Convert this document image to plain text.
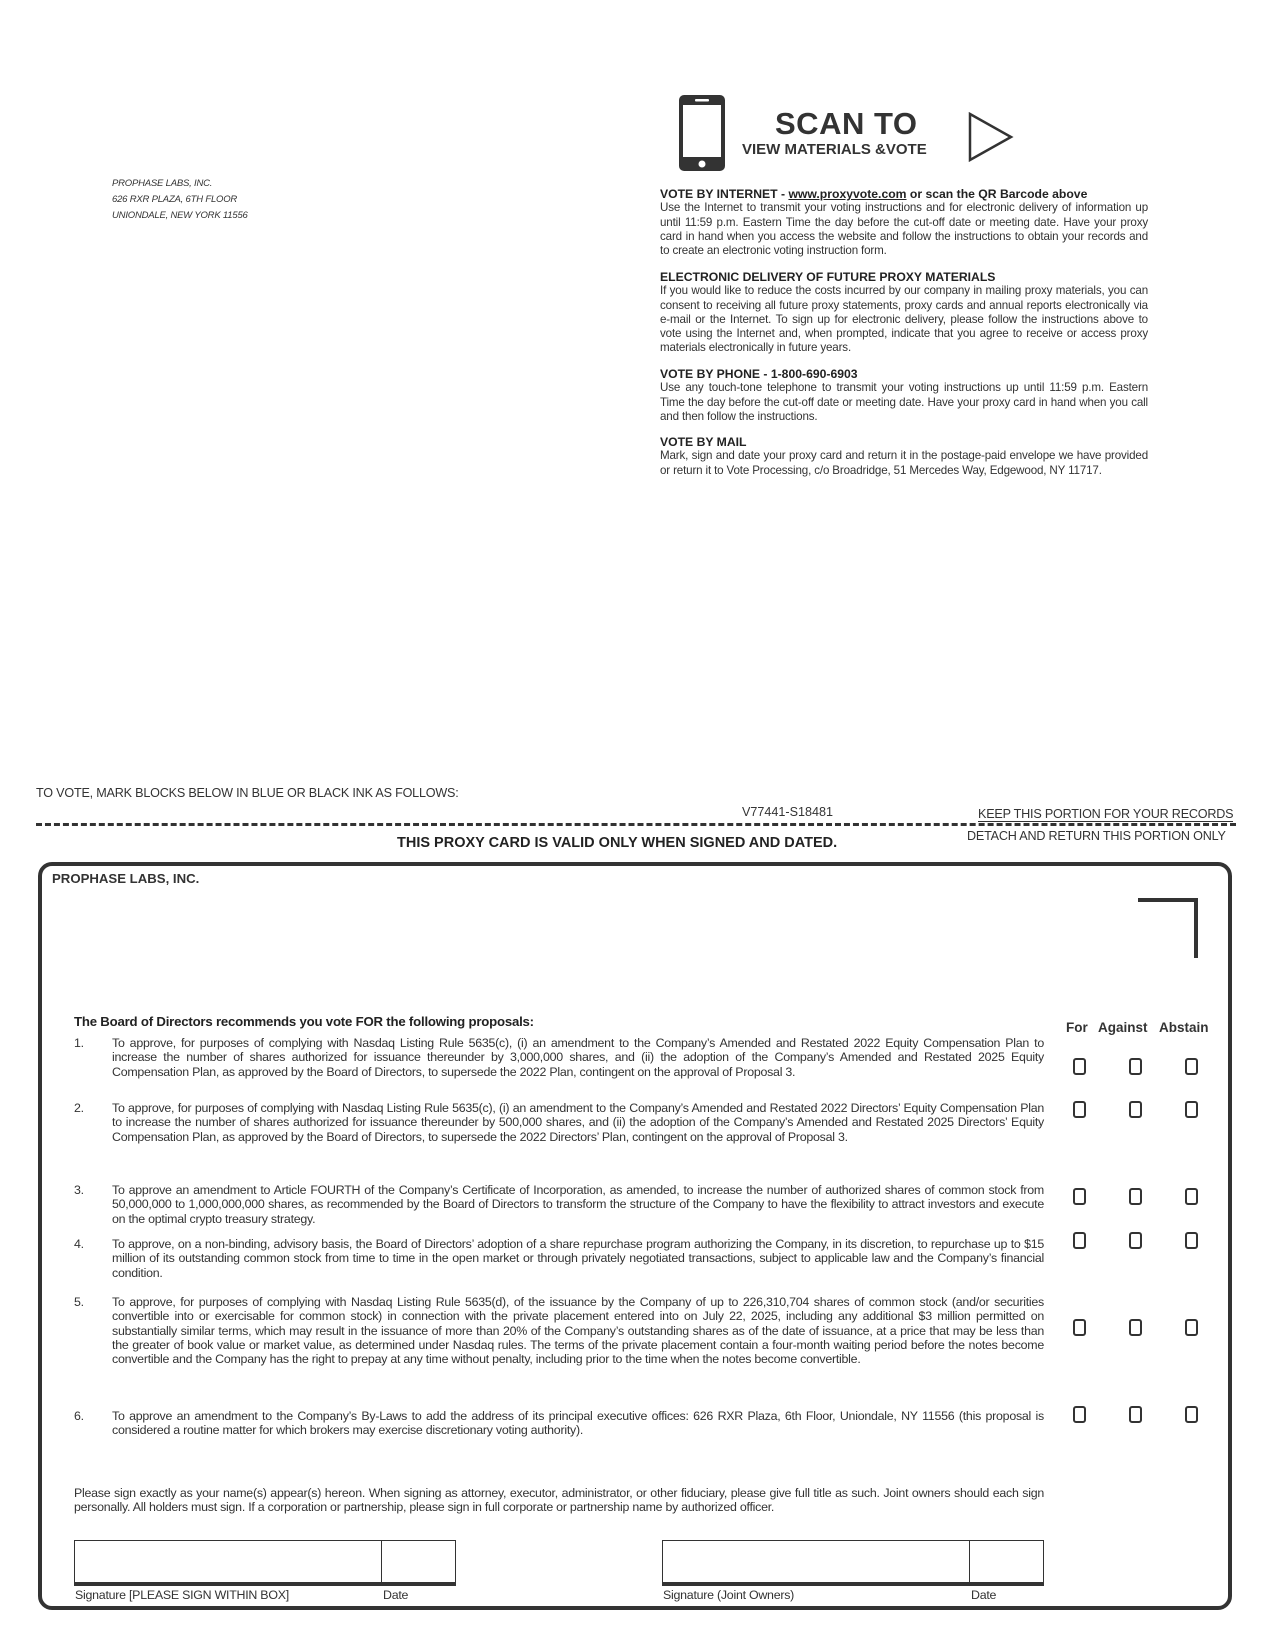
PROPHASE LABS, INC.
626 RXR PLAZA, 6TH FLOOR
UNIONDALE, NEW YORK 11556
SCAN TO
VIEW MATERIALS &VOTE
VOTE BY INTERNET - www.proxyvote.com or scan the QR Barcode above
Use the Internet to transmit your voting instructions and for electronic delivery of information up until 11:59 p.m. Eastern Time the day before the cut-off date or meeting date. Have your proxy card in hand when you access the website and follow the instructions to obtain your records and to create an electronic voting instruction form.
ELECTRONIC DELIVERY OF FUTURE PROXY MATERIALS
If you would like to reduce the costs incurred by our company in mailing proxy materials, you can consent to receiving all future proxy statements, proxy cards and annual reports electronically via e-mail or the Internet. To sign up for electronic delivery, please follow the instructions above to vote using the Internet and, when prompted, indicate that you agree to receive or access proxy materials electronically in future years.
VOTE BY PHONE - 1-800-690-6903
Use any touch-tone telephone to transmit your voting instructions up until 11:59 p.m. Eastern Time the day before the cut-off date or meeting date. Have your proxy card in hand when you call and then follow the instructions.
VOTE BY MAIL
Mark, sign and date your proxy card and return it in the postage-paid envelope we have provided or return it to Vote Processing, c/o Broadridge, 51 Mercedes Way, Edgewood, NY 11717.
TO VOTE, MARK BLOCKS BELOW IN BLUE OR BLACK INK AS FOLLOWS:
V77441-S18481	KEEP THIS PORTION FOR YOUR RECORDS
THIS PROXY CARD IS VALID ONLY WHEN SIGNED AND DATED.	DETACH AND RETURN THIS PORTION ONLY
PROPHASE LABS, INC.
The Board of Directors recommends you vote FOR the following proposals:	For Against Abstain
1. To approve, for purposes of complying with Nasdaq Listing Rule 5635(c), (i) an amendment to the Company’s Amended and Restated 2022 Equity Compensation Plan to increase the number of shares authorized for issuance thereunder by 3,000,000 shares, and (ii) the adoption of the Company’s Amended and Restated 2025 Equity Compensation Plan, as approved by the Board of Directors, to supersede the 2022 Plan, contingent on the approval of Proposal 3.
2. To approve, for purposes of complying with Nasdaq Listing Rule 5635(c), (i) an amendment to the Company’s Amended and Restated 2022 Directors’ Equity Compensation Plan to increase the number of shares authorized for issuance thereunder by 500,000 shares, and (ii) the adoption of the Company’s Amended and Restated 2025 Directors’ Equity Compensation Plan, as approved by the Board of Directors, to supersede the 2022 Directors’ Plan, contingent on the approval of Proposal 3.
3. To approve an amendment to Article FOURTH of the Company’s Certificate of Incorporation, as amended, to increase the number of authorized shares of common stock from 50,000,000 to 1,000,000,000 shares, as recommended by the Board of Directors to transform the structure of the Company to have the flexibility to attract investors and execute on the optimal crypto treasury strategy.
4. To approve, on a non-binding, advisory basis, the Board of Directors’ adoption of a share repurchase program authorizing the Company, in its discretion, to repurchase up to $15 million of its outstanding common stock from time to time in the open market or through privately negotiated transactions, subject to applicable law and the Company’s financial condition.
5. To approve, for purposes of complying with Nasdaq Listing Rule 5635(d), of the issuance by the Company of up to 226,310,704 shares of common stock (and/or securities convertible into or exercisable for common stock) in connection with the private placement entered into on July 22, 2025, including any additional $3 million permitted on substantially similar terms, which may result in the issuance of more than 20% of the Company’s outstanding shares as of the date of issuance, at a price that may be less than the greater of book value or market value, as determined under Nasdaq rules. The terms of the private placement contain a four-month waiting period before the notes become convertible and the Company has the right to prepay at any time without penalty, including prior to the time when the notes become convertible.
6. To approve an amendment to the Company’s By-Laws to add the address of its principal executive offices: 626 RXR Plaza, 6th Floor, Uniondale, NY 11556 (this proposal is considered a routine matter for which brokers may exercise discretionary voting authority).
Please sign exactly as your name(s) appear(s) hereon. When signing as attorney, executor, administrator, or other fiduciary, please give full title as such. Joint owners should each sign personally. All holders must sign. If a corporation or partnership, please sign in full corporate or partnership name by authorized officer.
Signature [PLEASE SIGN WITHIN BOX]	Date	Signature (Joint Owners)	Date
